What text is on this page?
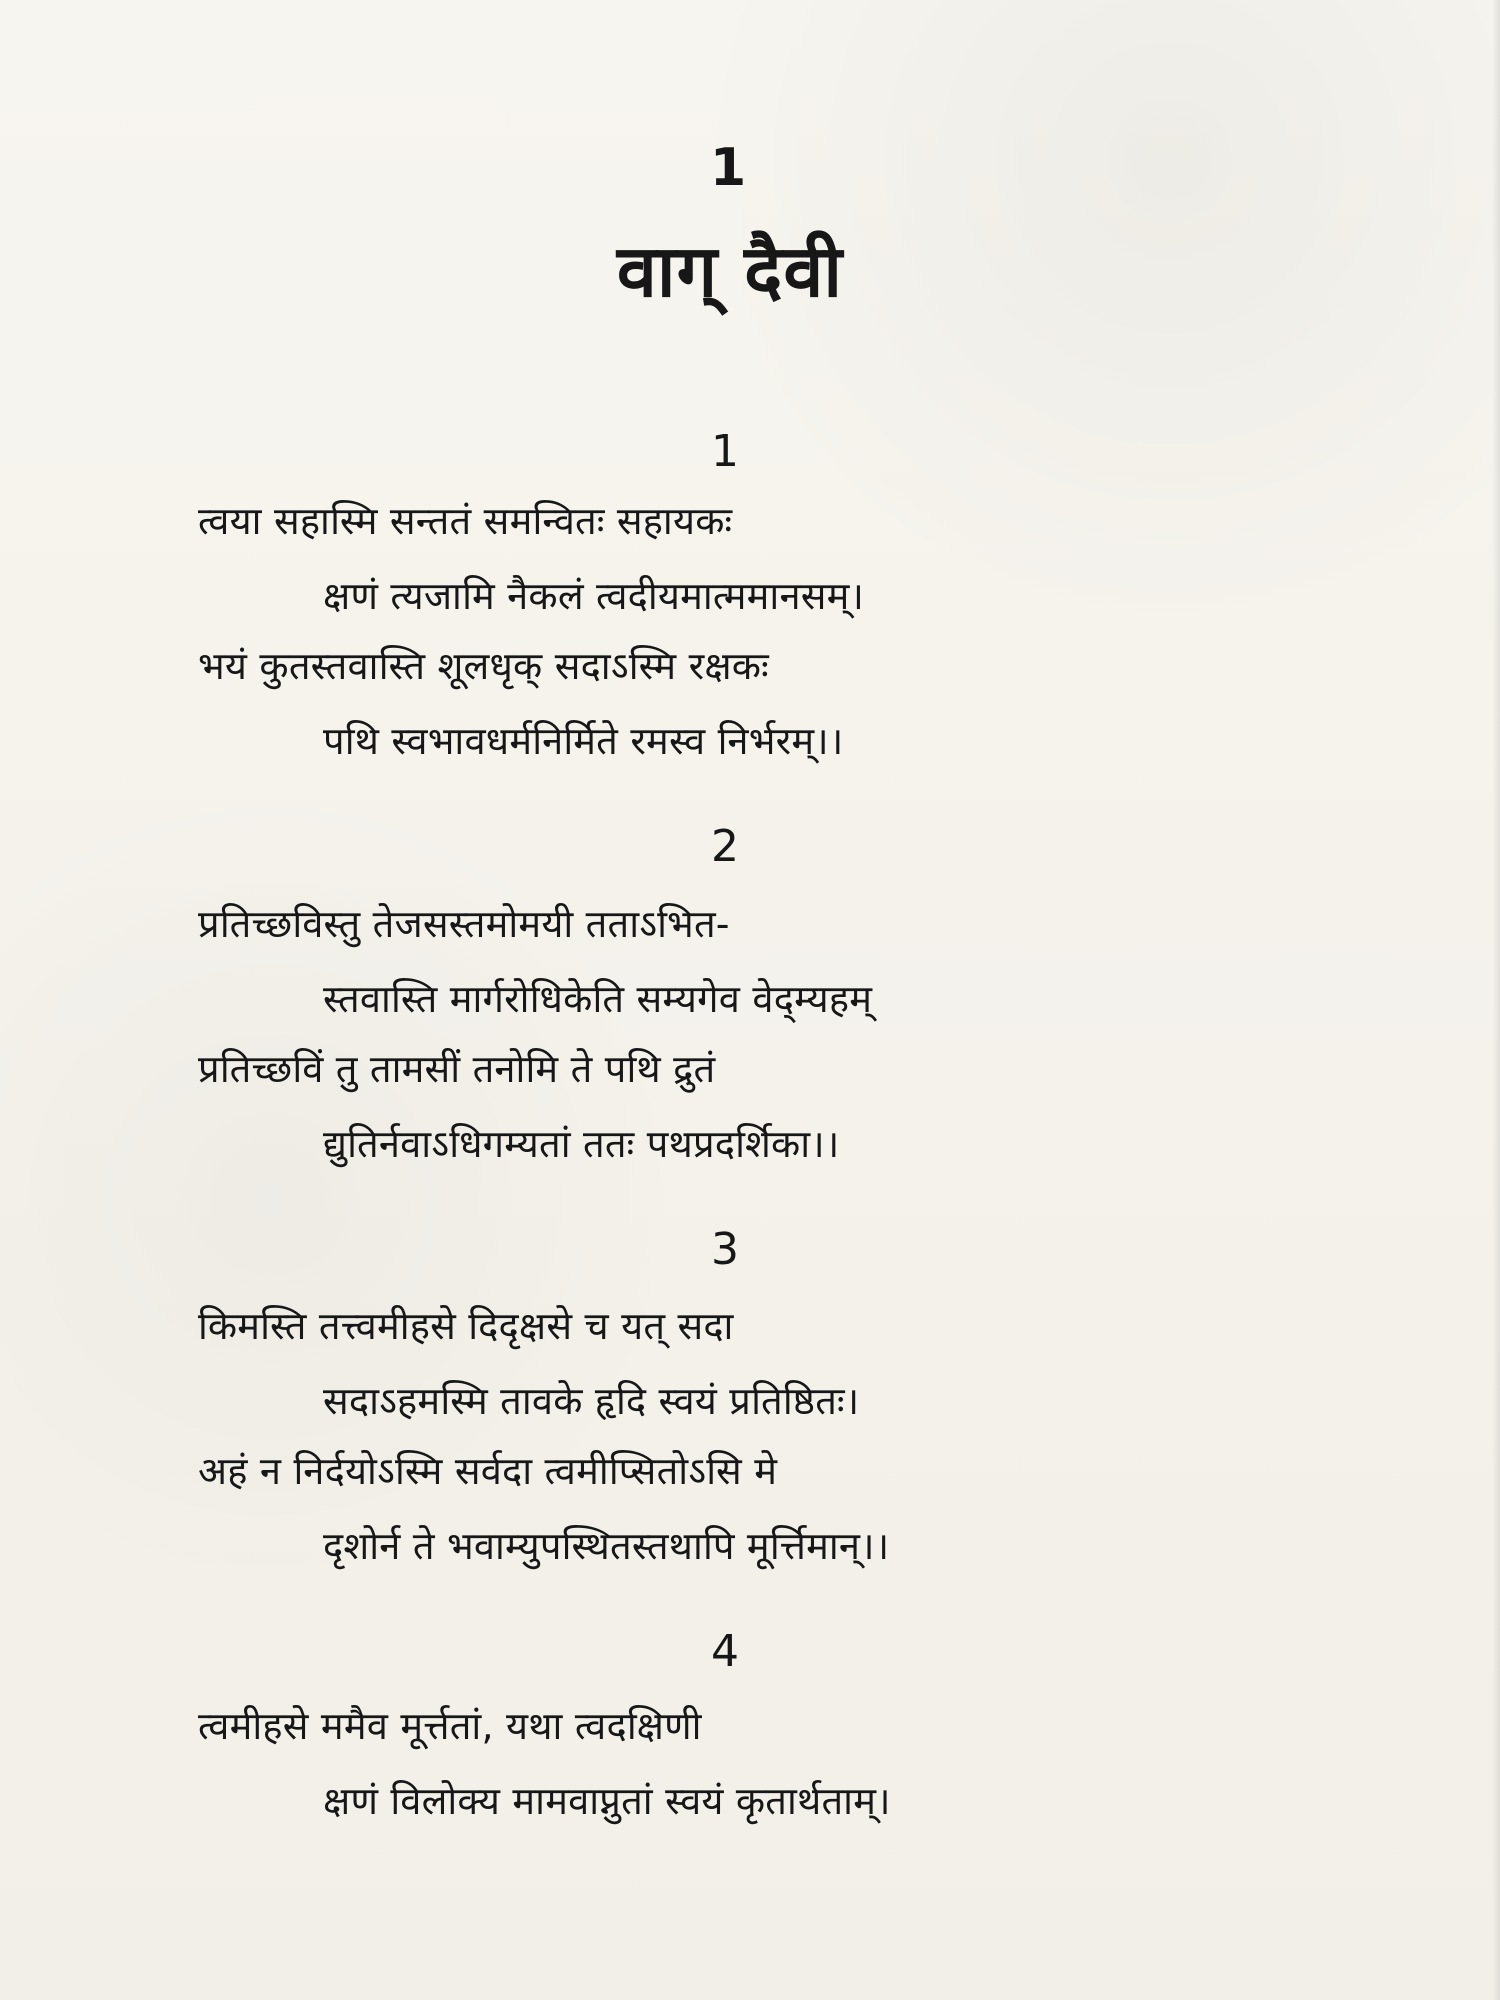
1
वाग् दैवी
1
त्वया सहास्मि सन्ततं समन्वितः सहायकः
क्षणं त्यजामि नैकलं त्वदीयमात्ममानसम्।
भयं कुतस्तवास्ति शूलधृक् सदाऽस्मि रक्षकः
पथि स्वभावधर्मनिर्मिते रमस्व निर्भरम्।।
2
प्रतिच्छविस्तु तेजसस्तमोमयी तताऽभित-
स्तवास्ति मार्गरोधिकेति सम्यगेव वेद्म्यहम्
प्रतिच्छविं तु तामसीं तनोमि ते पथि द्रुतं
द्युतिर्नवाऽधिगम्यतां ततः पथप्रदर्शिका।।
3
किमस्ति तत्त्वमीहसे दिदृक्षसे च यत् सदा
सदाऽहमस्मि तावके हृदि स्वयं प्रतिष्ठितः।
अहं न निर्दयोऽस्मि सर्वदा त्वमीप्सितोऽसि मे
दृशोर्न ते भवाम्युपस्थितस्तथापि मूर्त्तिमान्।।
4
त्वमीहसे ममैव मूर्त्ततां, यथा त्वदक्षिणी
क्षणं विलोक्य मामवाप्नुतां स्वयं कृतार्थताम्।
